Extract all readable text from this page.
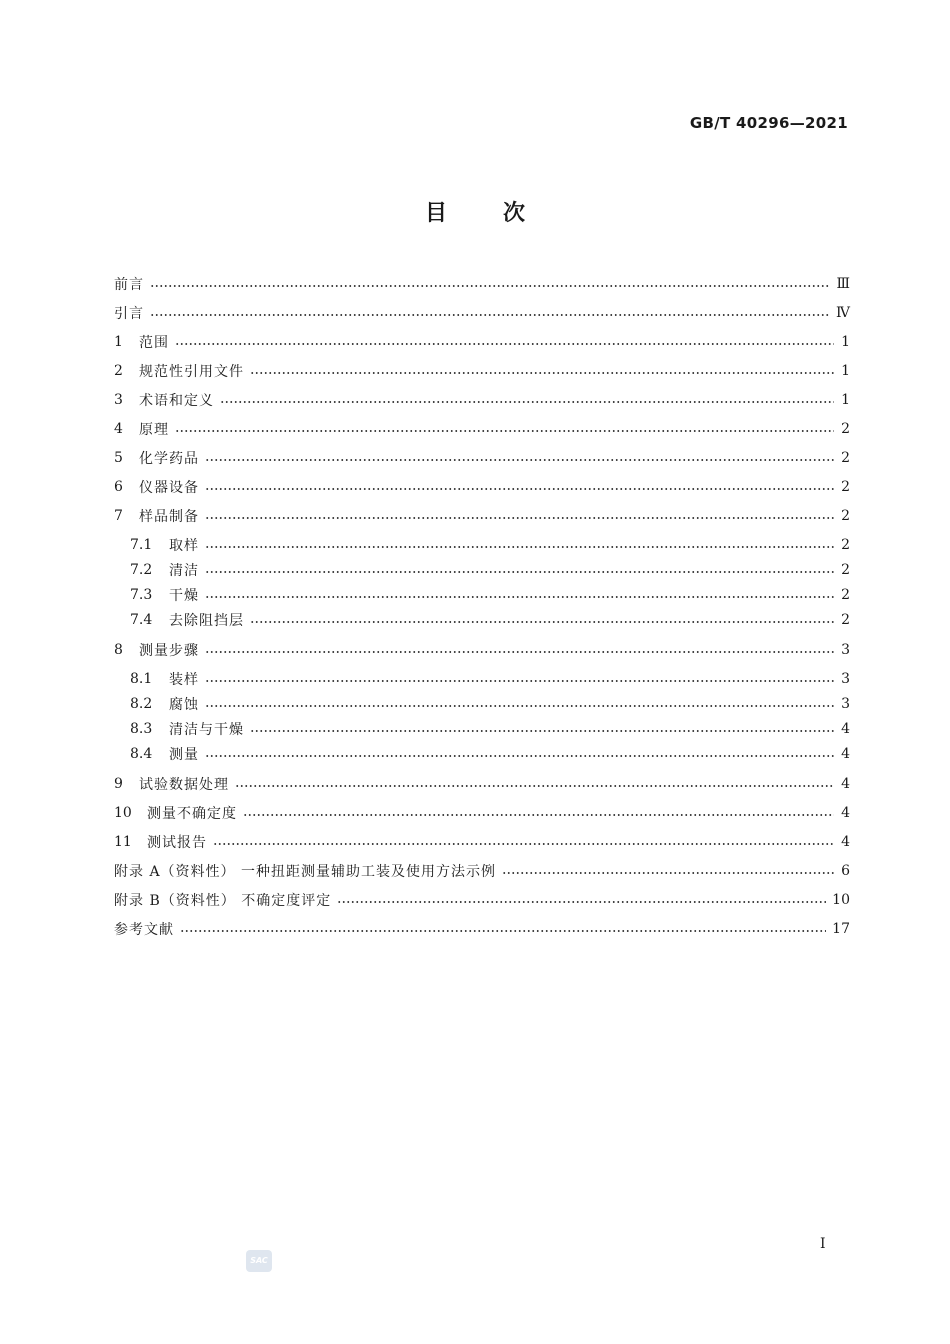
GB/T 40296—2021
目	次
前言	Ⅲ
引言	Ⅳ
1	范围	1
2	规范性引用文件	1
3	术语和定义	1
4	原理	2
5	化学药品	2
6	仪器设备	2
7	样品制备	2
7.1	取样	2
7.2	清洁	2
7.3	干燥	2
7.4	去除阻挡层	2
8	测量步骤	3
8.1	装样	3
8.2	腐蚀	3
8.3	清洁与干燥	4
8.4	测量	4
9	试验数据处理	4
10	测量不确定度	4
11	测试报告	4
附录 A（资料性） 一种扭距测量辅助工装及使用方法示例	6
附录 B（资料性） 不确定度评定	10
参考文献	17
I
SAC
